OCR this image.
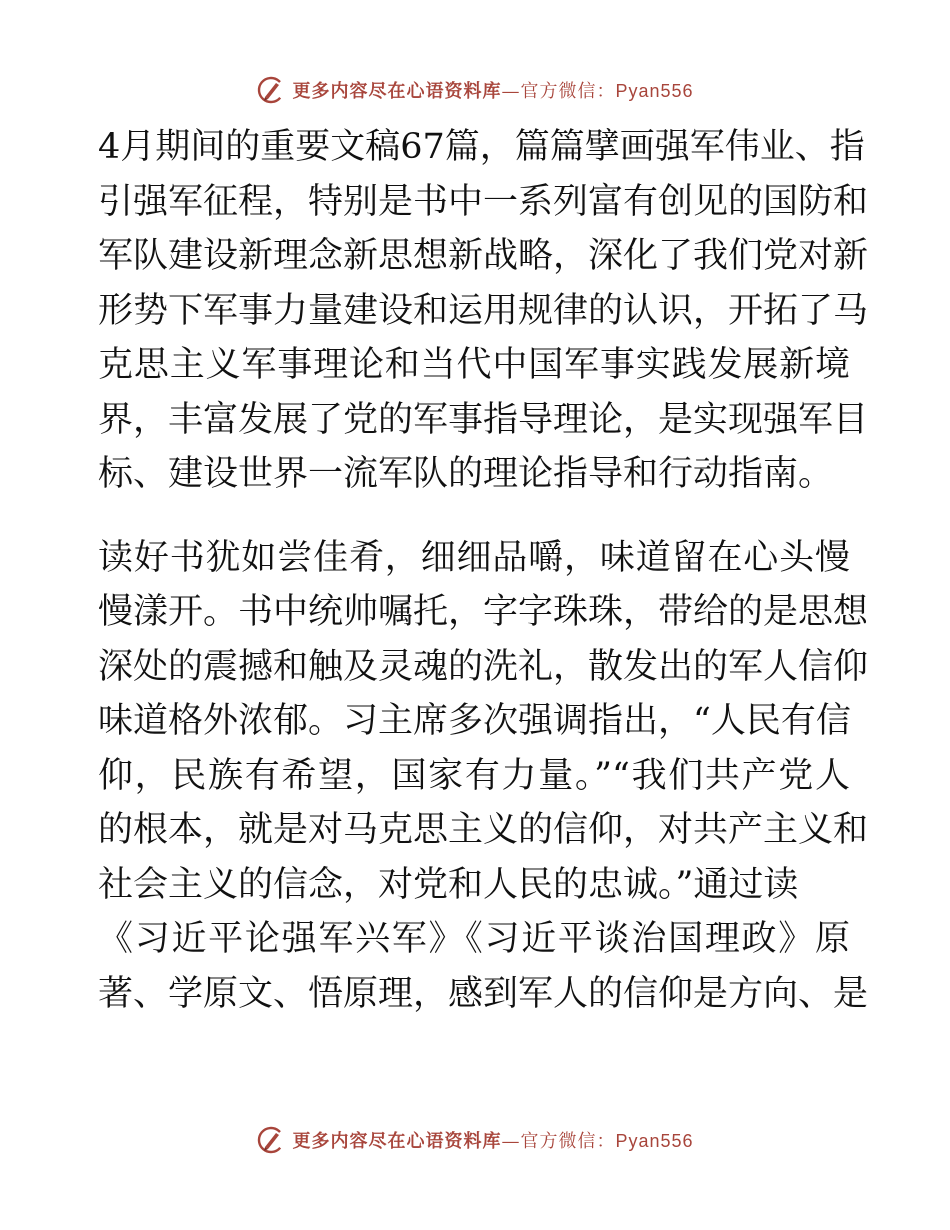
更多内容尽在心语资料库—官方微信：Pyan556
4月期间的重要文稿67篇，篇篇擘画强军伟业、指
引强军征程，特别是书中一系列富有创见的国防和
军队建设新理念新思想新战略，深化了我们党对新
形势下军事力量建设和运用规律的认识，开拓了马
克思主义军事理论和当代中国军事实践发展新境
界，丰富发展了党的军事指导理论，是实现强军目
标、建设世界一流军队的理论指导和行动指南。
读好书犹如尝佳肴，细细品嚼，味道留在心头慢
慢漾开。书中统帅嘱托，字字珠珠，带给的是思想
深处的震撼和触及灵魂的洗礼，散发出的军人信仰
味道格外浓郁。习主席多次强调指出，“人民有信
仰，民族有希望，国家有力量。”“我们共产党人
的根本，就是对马克思主义的信仰，对共产主义和
社会主义的信念，对党和人民的忠诚。”通过读
《习近平论强军兴军》《习近平谈治国理政》原
著、学原文、悟原理，感到军人的信仰是方向、是
更多内容尽在心语资料库—官方微信：Pyan556
